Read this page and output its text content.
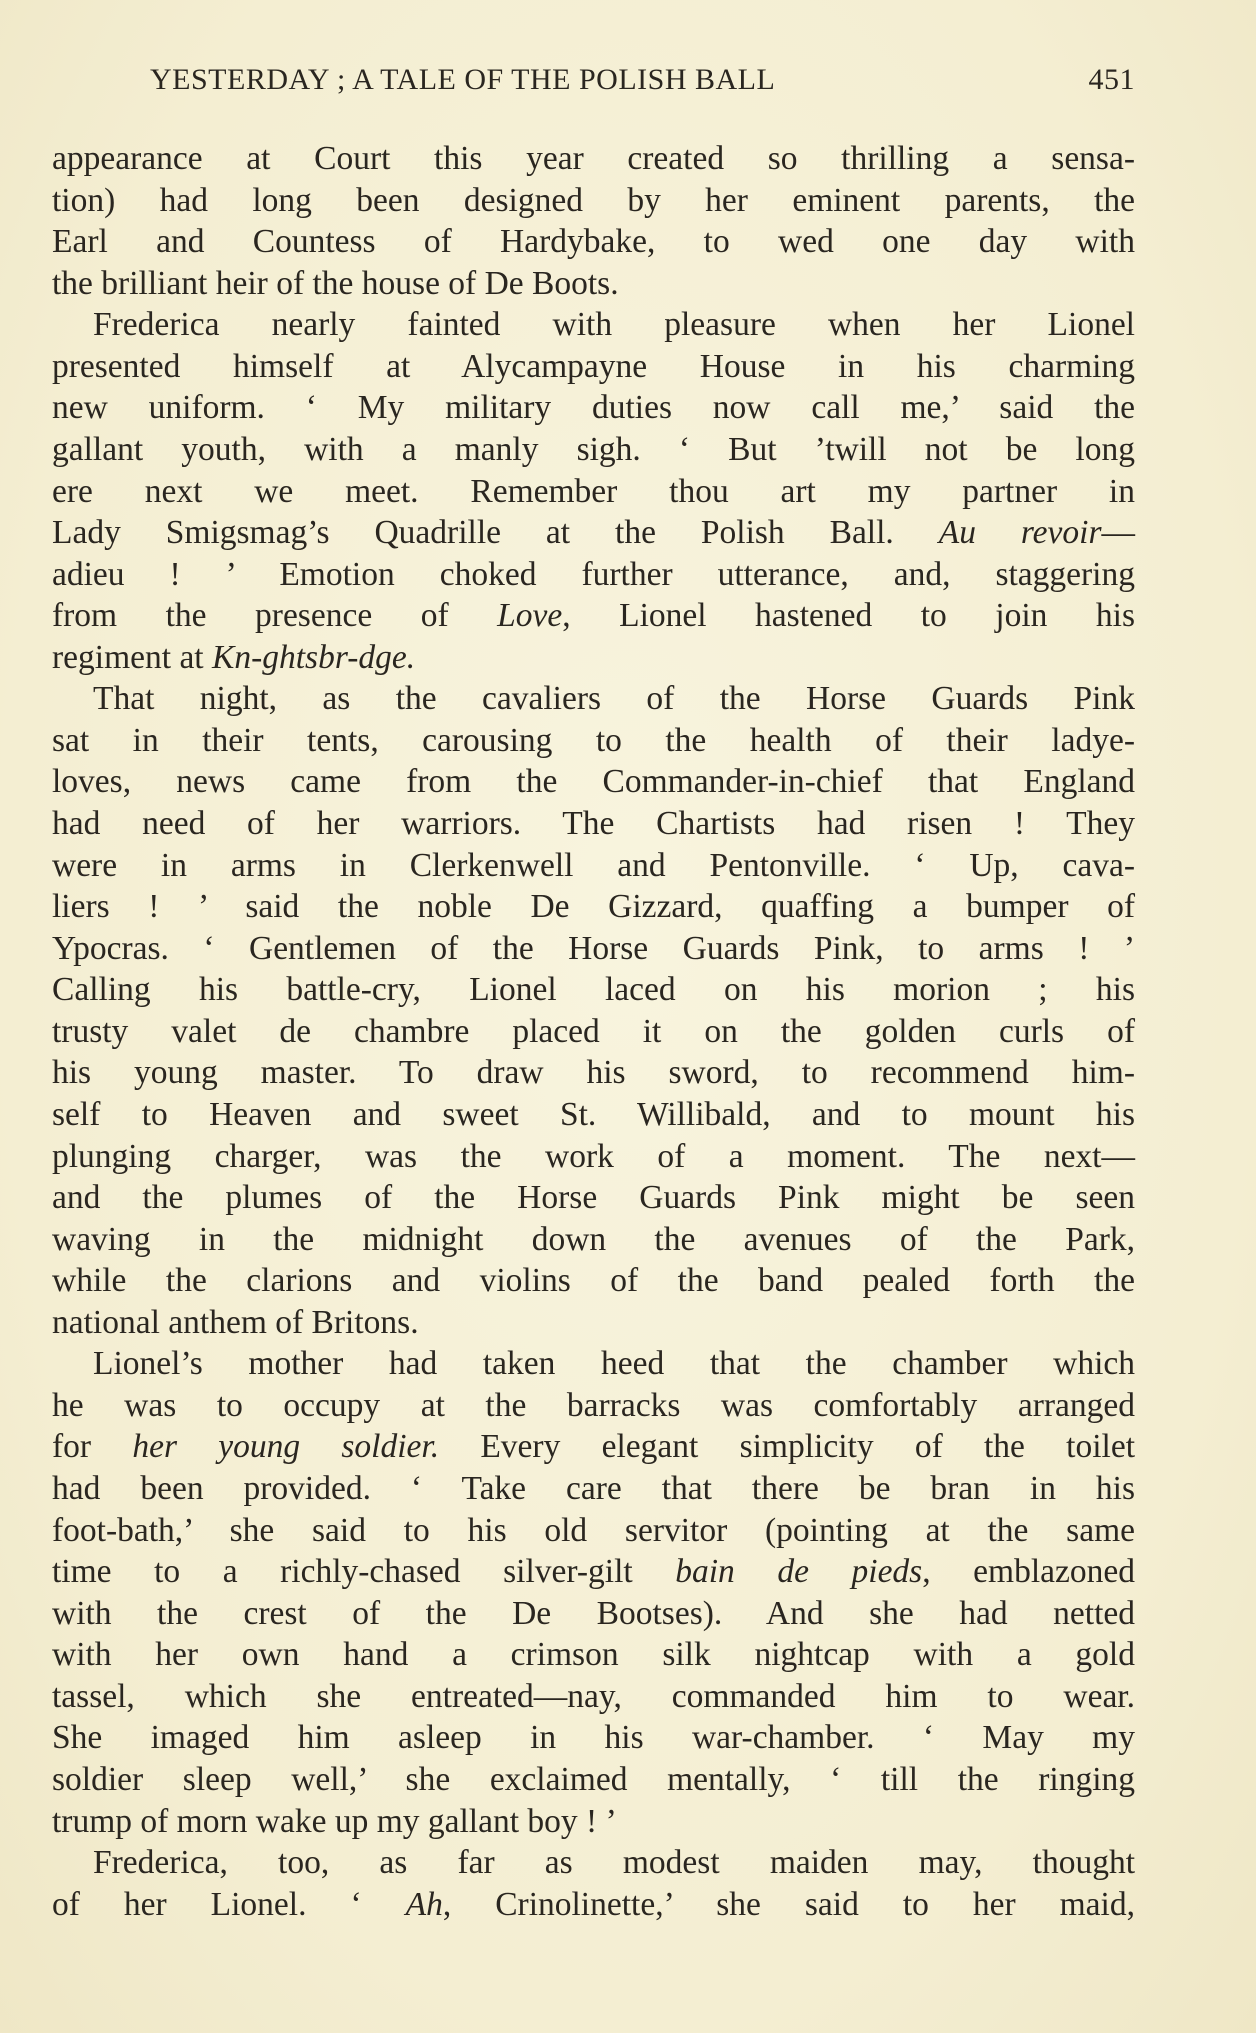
YESTERDAY ; A TALE OF THE POLISH BALL	451
appearance at Court this year created so thrilling a sensa-
tion) had long been designed by her eminent parents, the
Earl and Countess of Hardybake, to wed one day with
the brilliant heir of the house of De Boots.
Frederica nearly fainted with pleasure when her Lionel
presented himself at Alycampayne House in his charming
new uniform. ‘ My military duties now call me,’ said the
gallant youth, with a manly sigh. ‘ But ’twill not be long
ere next we meet. Remember thou art my partner in
Lady Smigsmag’s Quadrille at the Polish Ball. Au revoir—
adieu ! ’ Emotion choked further utterance, and, staggering
from the presence of Love, Lionel hastened to join his
regiment at Kn-ghtsbr-dge.
That night, as the cavaliers of the Horse Guards Pink
sat in their tents, carousing to the health of their ladye-
loves, news came from the Commander-in-chief that England
had need of her warriors. The Chartists had risen ! They
were in arms in Clerkenwell and Pentonville. ‘ Up, cava-
liers ! ’ said the noble De Gizzard, quaffing a bumper of
Ypocras. ‘ Gentlemen of the Horse Guards Pink, to arms ! ’
Calling his battle-cry, Lionel laced on his morion ; his
trusty valet de chambre placed it on the golden curls of
his young master. To draw his sword, to recommend him-
self to Heaven and sweet St. Willibald, and to mount his
plunging charger, was the work of a moment. The next—
and the plumes of the Horse Guards Pink might be seen
waving in the midnight down the avenues of the Park,
while the clarions and violins of the band pealed forth the
national anthem of Britons.
Lionel’s mother had taken heed that the chamber which
he was to occupy at the barracks was comfortably arranged
for her young soldier. Every elegant simplicity of the toilet
had been provided. ‘ Take care that there be bran in his
foot-bath,’ she said to his old servitor (pointing at the same
time to a richly-chased silver-gilt bain de pieds, emblazoned
with the crest of the De Bootses). And she had netted
with her own hand a crimson silk nightcap with a gold
tassel, which she entreated—nay, commanded him to wear.
She imaged him asleep in his war-chamber. ‘ May my
soldier sleep well,’ she exclaimed mentally, ‘ till the ringing
trump of morn wake up my gallant boy ! ’
Frederica, too, as far as modest maiden may, thought
of her Lionel. ‘ Ah, Crinolinette,’ she said to her maid,
